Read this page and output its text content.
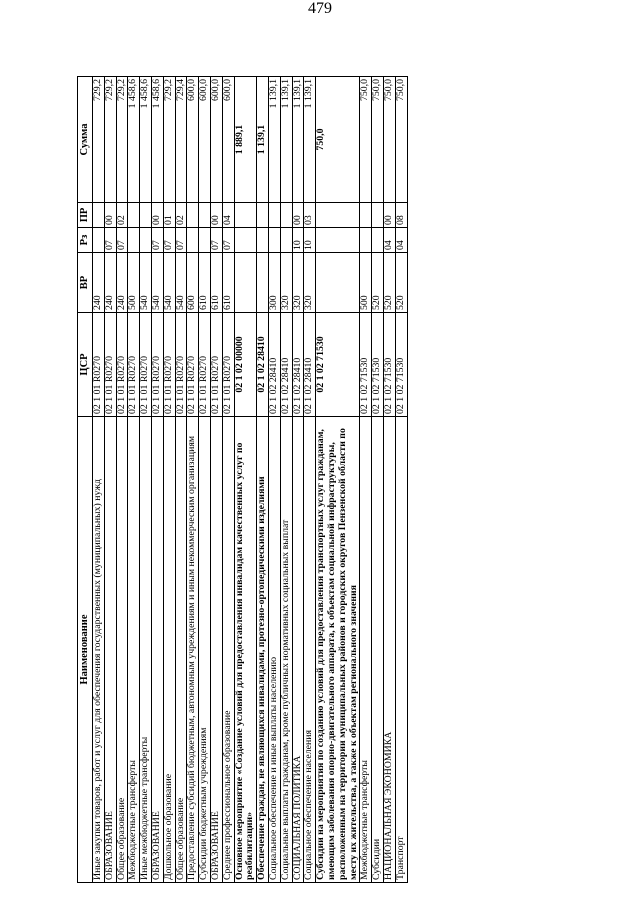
479
Наименование	ЦСР	ВР	Рз	ПР	Сумма
Иные закупки товаров, работ и услуг для обеспечения государственных (муниципальных) нужд	02 1 01 R0270	240			729,2
ОБРАЗОВАНИЕ	02 1 01 R0270	240	07	00	729,2
Общее образование	02 1 01 R0270	240	07	02	729,2
Межбюджетные трансферты	02 1 01 R0270	500			1 458,6
Иные межбюджетные трансферты	02 1 01 R0270	540			1 458,6
ОБРАЗОВАНИЕ	02 1 01 R0270	540	07	00	1 458,6
Дошкольное образование	02 1 01 R0270	540	07	01	729,2
Общее образование	02 1 01 R0270	540	07	02	729,4
Предоставление субсидий бюджетным, автономным учреждениям и иным некоммерческим организациям	02 1 01 R0270	600			600,0
Субсидии бюджетным учреждениям	02 1 01 R0270	610			600,0
ОБРАЗОВАНИЕ	02 1 01 R0270	610	07	00	600,0
Среднее профессиональное образование	02 1 01 R0270	610	07	04	600,0
Основное мероприятие «Создание условий для предоставления инвалидам качественных услуг по реабилитации»	02 1 02 00000				1 889,1
Обеспечение граждан, не являющихся инвалидами, протезно-ортопедическими изделиями	02 1 02 28410				1 139,1
Социальное обеспечение и иные выплаты населению	02 1 02 28410	300			1 139,1
Социальные выплаты гражданам, кроме публичных нормативных социальных выплат	02 1 02 28410	320			1 139,1
СОЦИАЛЬНАЯ ПОЛИТИКА	02 1 02 28410	320	10	00	1 139,1
Социальное обеспечение населения	02 1 02 28410	320	10	03	1 139,1
Субсидии на мероприятия по созданию условий для предоставления транспортных услуг гражданам, имеющим заболевания опорно-двигательного аппарата, к объектам социальной инфраструктуры, расположенным на территории муниципальных районов и городских округов Пензенской области по месту их жительства, а также к объектам регионального значения	02 1 02 71530				750,0
Межбюджетные трансферты	02 1 02 71530	500			750,0
Субсидии	02 1 02 71530	520			750,0
НАЦИОНАЛЬНАЯ ЭКОНОМИКА	02 1 02 71530	520	04	00	750,0
Транспорт	02 1 02 71530	520	04	08	750,0
